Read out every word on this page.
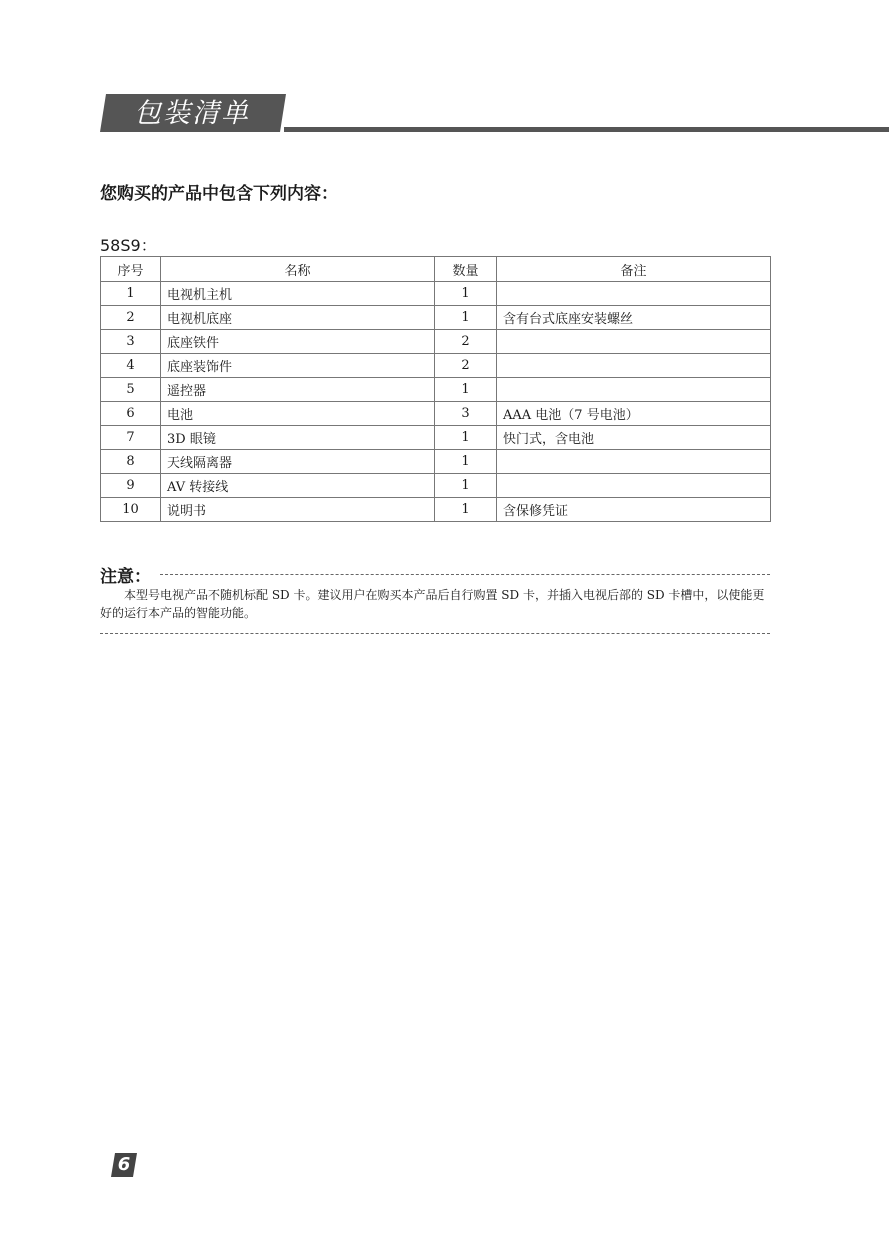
包装清单
您购买的产品中包含下列内容：
58S9：
序号	名称	数量	备注
1	电视机主机	1	
2	电视机底座	1	含有台式底座安装螺丝
3	底座铁件	2	
4	底座装饰件	2	
5	遥控器	1	
6	电池	3	AAA 电池（7 号电池）
7	3D 眼镜	1	快门式，含电池
8	天线隔离器	1	
9	AV 转接线	1	
10	说明书	1	含保修凭证
注意：
本型号电视产品不随机标配 SD 卡。建议用户在购买本产品后自行购置 SD 卡，并插入电视后部的 SD 卡槽中，以使能更好的运行本产品的智能功能。
6
